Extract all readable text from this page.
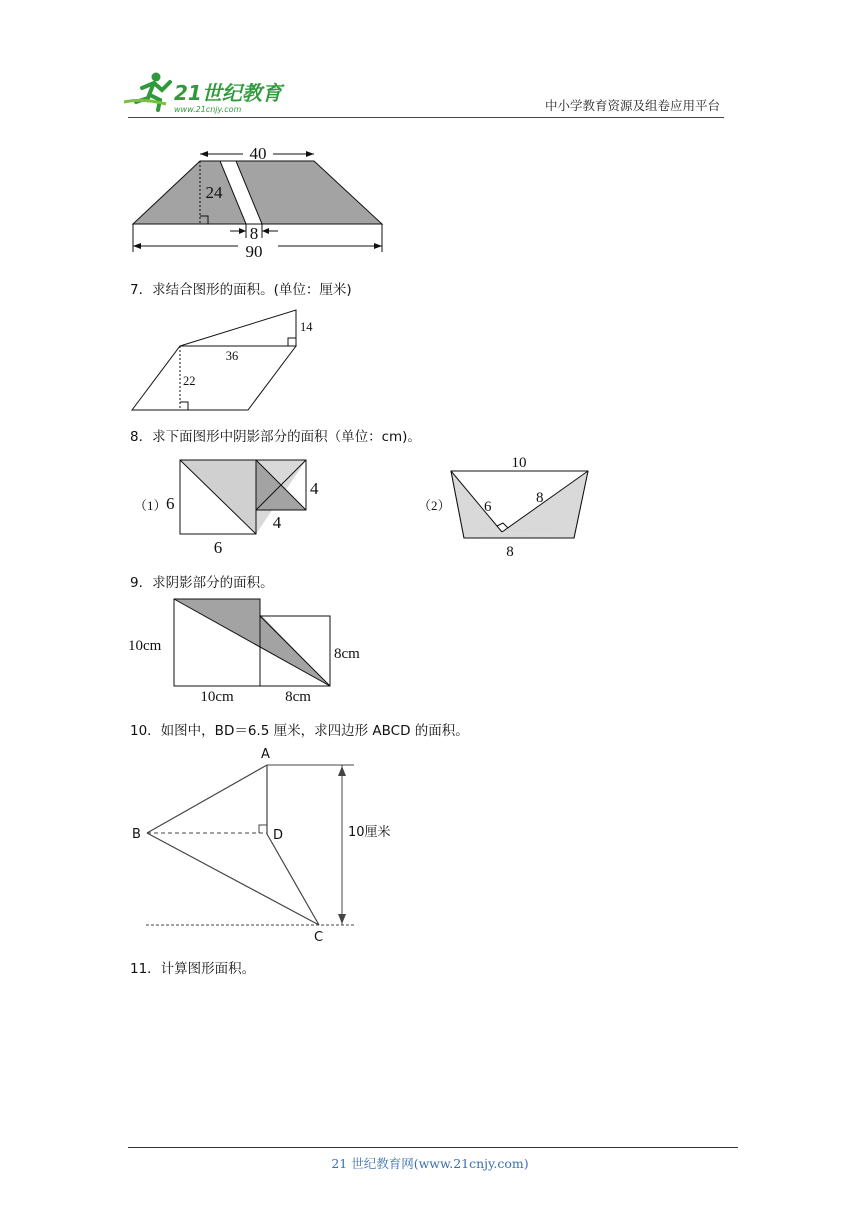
21世纪教育
www.21cnjy.com	中小学教育资源及组卷应用平台
40
24
8
90
7．求结合图形的面积。(单位：厘米)
36
14
22
8．求下面图形中阴影部分的面积（单位：cm)。
（1） 6
6
4
4
（2）
10
6
8
8
9．求阴影部分的面积。
10cm
10cm	8cm
8cm
10．如图中，BD＝6.5 厘米，求四边形 ABCD 的面积。
A
B	D
C
10厘米
11．计算图形面积。
21 世纪教育网(www.21cnjy.com)
